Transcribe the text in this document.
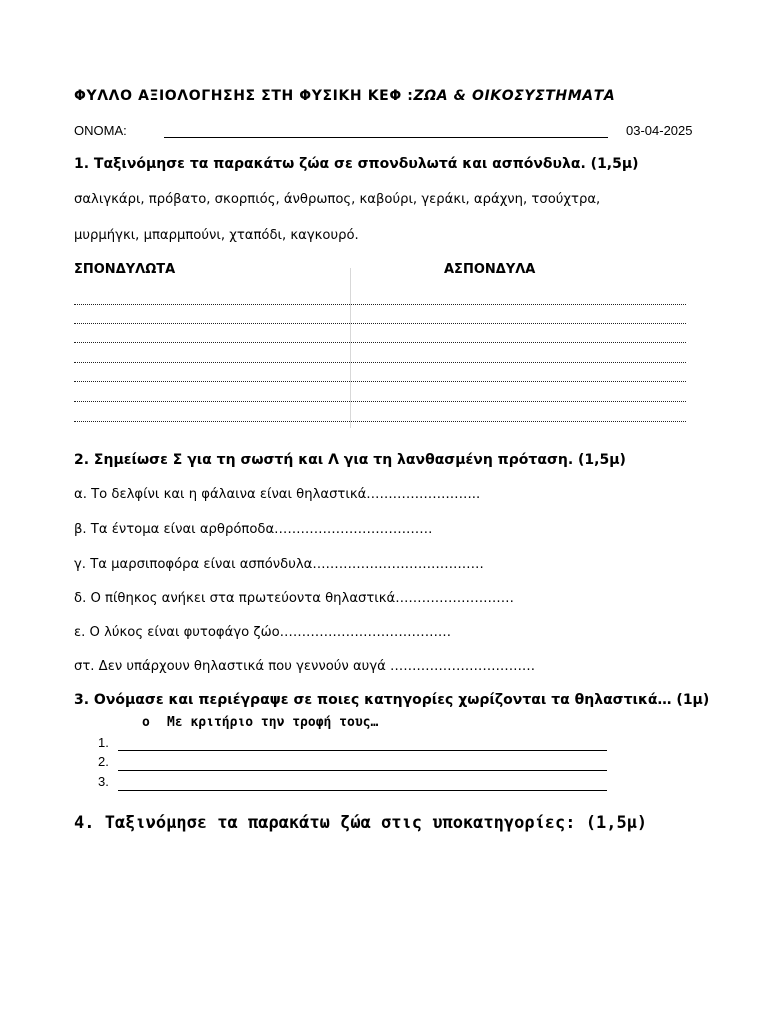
ΦΥΛΛΟ ΑΞΙΟΛΟΓΗΣΗΣ ΣΤΗ ΦΥΣΙΚΗ ΚΕΦ :ΖΩΑ & ΟΙΚΟΣΥΣΤΗΜΑΤΑ
ΟΝΟΜΑ:	03-04-2025
1. Ταξινόμησε τα παρακάτω ζώα σε σπονδυλωτά και ασπόνδυλα. (1,5μ)
σαλιγκάρι, πρόβατο, σκορπιός, άνθρωπος, καβούρι, γεράκι, αράχνη, τσούχτρα,
μυρμήγκι, μπαρμπούνι, χταπόδι, καγκουρό.
ΣΠΟΝΔΥΛΩΤΑ	ΑΣΠΟΝΔΥΛΑ
2. Σημείωσε Σ για τη σωστή και Λ για τη λανθασμένη πρόταση. (1,5μ)
α. Το δελφίνι και η φάλαινα είναι θηλαστικά……………………..
β. Τα έντομα είναι αρθρόποδα………………………………
γ. Τα μαρσιποφόρα είναι ασπόνδυλα…………………………………
δ. Ο πίθηκος ανήκει στα πρωτεύοντα θηλαστικά………………………
ε. Ο λύκος είναι φυτοφάγο ζώο…………………………………
στ. Δεν υπάρχουν θηλαστικά που γεννούν αυγά ……………………………
3. Ονόμασε και περιέγραψε σε ποιες κατηγορίες χωρίζονται τα θηλαστικά… (1μ)
o Με κριτήριο την τροφή τους…
1.
2.
3.
4. Ταξινόμησε τα παρακάτω ζώα στις υποκατηγορίες: (1,5μ)
